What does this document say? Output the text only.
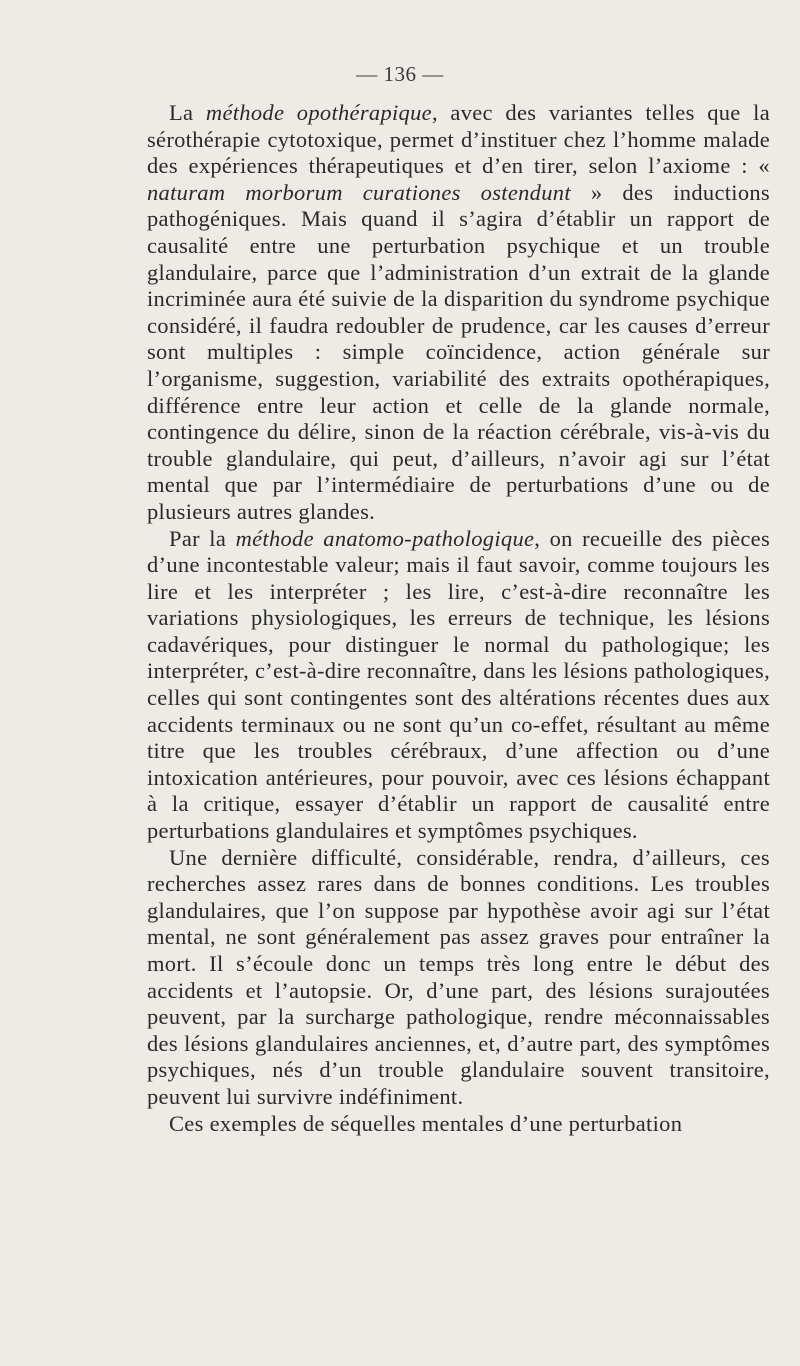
— 136 —

La méthode opothérapique, avec des variantes telles que la sérothérapie cytotoxique, permet d’instituer chez l’homme malade des expériences thérapeutiques et d’en tirer, selon l’axiome : « naturam morborum curationes ostendunt » des inductions pathogéniques. Mais quand il s’agira d’établir un rapport de causalité entre une perturbation psychique et un trouble glandulaire, parce que l’administration d’un extrait de la glande incriminée aura été suivie de la disparition du syndrome psychique considéré, il faudra redoubler de prudence, car les causes d’erreur sont multiples : simple coïncidence, action générale sur l’organisme, suggestion, variabilité des extraits opothérapiques, différence entre leur action et celle de la glande normale, contingence du délire, sinon de la réaction cérébrale, vis-à-vis du trouble glandulaire, qui peut, d’ailleurs, n’avoir agi sur l’état mental que par l’intermédiaire de perturbations d’une ou de plusieurs autres glandes.

Par la méthode anatomo-pathologique, on recueille des pièces d’une incontestable valeur; mais il faut savoir, comme toujours les lire et les interpréter ; les lire, c’est-à-dire reconnaître les variations physiologiques, les erreurs de technique, les lésions cadavériques, pour distinguer le normal du pathologique; les interpréter, c’est-à-dire reconnaître, dans les lésions pathologiques, celles qui sont contingentes sont des altérations récentes dues aux accidents terminaux ou ne sont qu’un co-effet, résultant au même titre que les troubles cérébraux, d’une affection ou d’une intoxication antérieures, pour pouvoir, avec ces lésions échappant à la critique, essayer d’établir un rapport de causalité entre perturbations glandulaires et symptômes psychiques.

Une dernière difficulté, considérable, rendra, d’ailleurs, ces recherches assez rares dans de bonnes conditions. Les troubles glandulaires, que l’on suppose par hypothèse avoir agi sur l’état mental, ne sont généralement pas assez graves pour entraîner la mort. Il s’écoule donc un temps très long entre le début des accidents et l’autopsie. Or, d’une part, des lésions surajoutées peuvent, par la surcharge pathologique, rendre méconnaissables des lésions glandulaires anciennes, et, d’autre part, des symptômes psychiques, nés d’un trouble glandulaire souvent transitoire, peuvent lui survivre indéfiniment.

Ces exemples de séquelles mentales d’une perturbation
